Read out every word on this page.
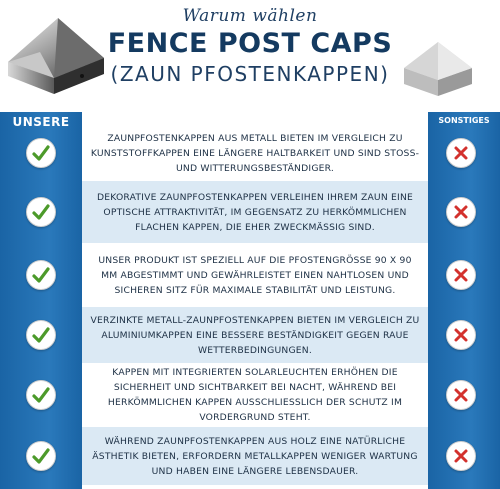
Warum wählen
FENCE POST CAPS
(ZAUN PFOSTENKAPPEN)
UNSERE	SONSTIGES
ZAUNPFOSTENKAPPEN AUS METALL BIETEN IM VERGLEICH ZU KUNSTSTOFFKAPPEN EINE LÄNGERE HALTBARKEIT UND SIND STOSS- UND WITTERUNGSBESTÄNDIGER.
DEKORATIVE ZAUNPFOSTENKAPPEN VERLEIHEN IHREM ZAUN EINE OPTISCHE ATTRAKTIVITÄT, IM GEGENSATZ ZU HERKÖMMLICHEN FLACHEN KAPPEN, DIE EHER ZWECKMÄSSIG SIND.
UNSER PRODUKT IST SPEZIELL AUF DIE PFOSTENGRÖSSE 90 X 90 MM ABGESTIMMT UND GEWÄHRLEISTET EINEN NAHTLOSEN UND SICHEREN SITZ FÜR MAXIMALE STABILITÄT UND LEISTUNG.
VERZINKTE METALL-ZAUNPFOSTENKAPPEN BIETEN IM VERGLEICH ZU ALUMINIUMKAPPEN EINE BESSERE BESTÄNDIGKEIT GEGEN RAUE WETTERBEDINGUNGEN.
KAPPEN MIT INTEGRIERTEN SOLARLEUCHTEN ERHÖHEN DIE SICHERHEIT UND SICHTBARKEIT BEI NACHT, WÄHREND BEI HERKÖMMLICHEN KAPPEN AUSSCHLIESSLICH DER SCHUTZ IM VORDERGRUND STEHT.
WÄHREND ZAUNPFOSTENKAPPEN AUS HOLZ EINE NATÜRLICHE ÄSTHETIK BIETEN, ERFORDERN METALLKAPPEN WENIGER WARTUNG UND HABEN EINE LÄNGERE LEBENSDAUER.
